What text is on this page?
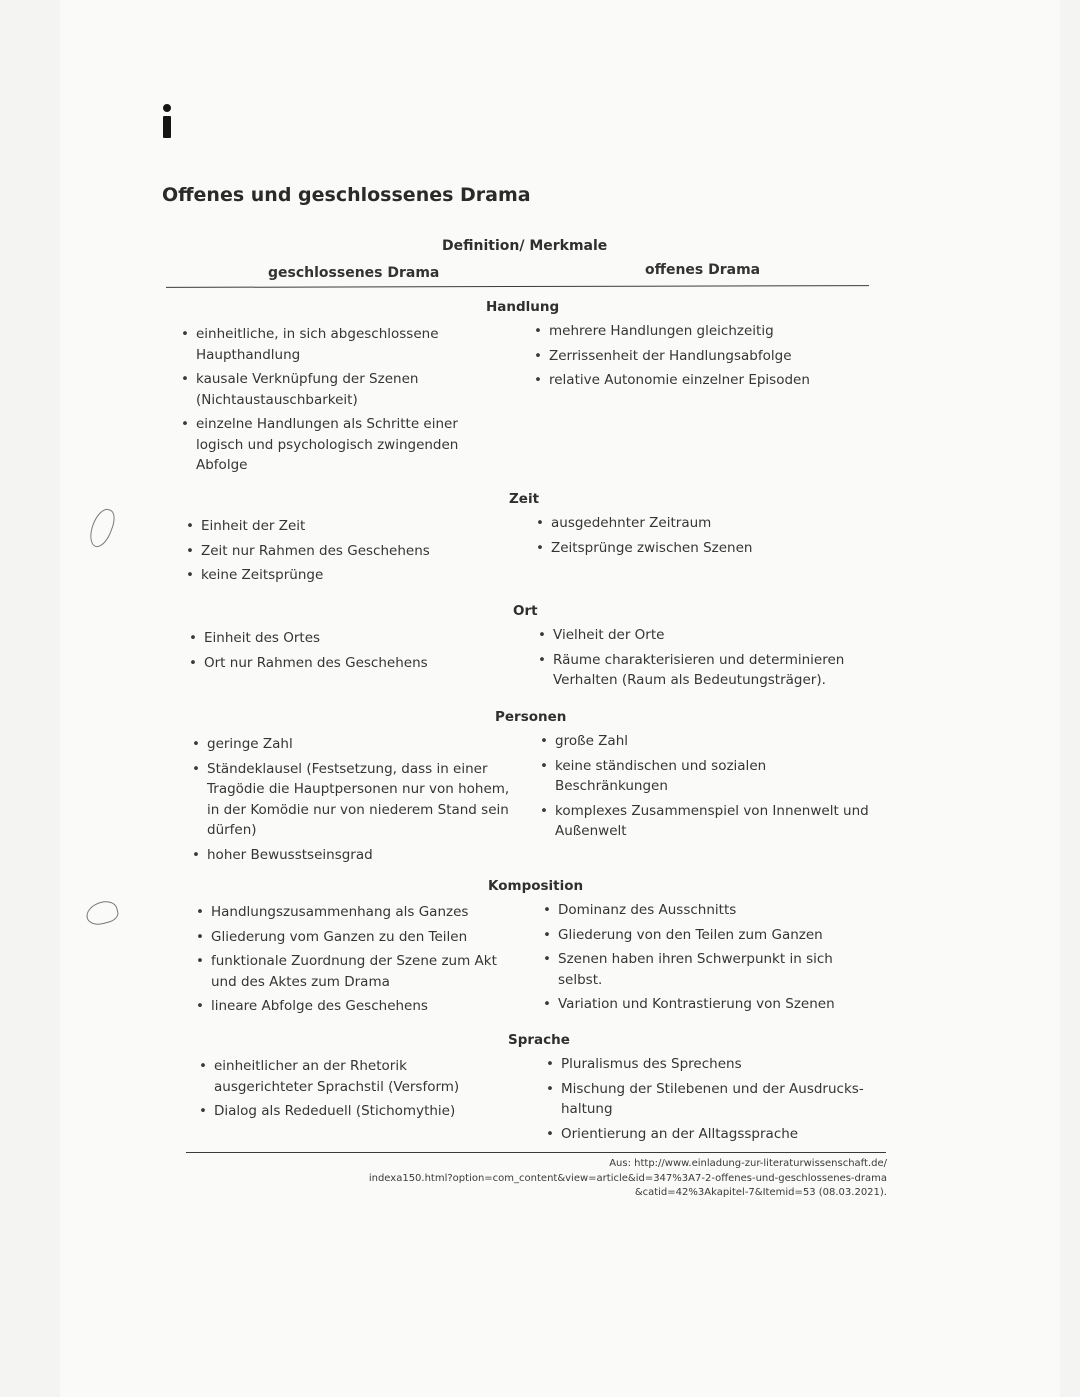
Offenes und geschlossenes Drama
Definition/ Merkmale
geschlossenes Drama	offenes Drama
Handlung
• einheitliche, in sich abgeschlossene Haupthandlung
• kausale Verknüpfung der Szenen (Nichtaustauschbarkeit)
• einzelne Handlungen als Schritte einer logisch und psychologisch zwingenden Abfolge
• mehrere Handlungen gleichzeitig
• Zerrissenheit der Handlungsabfolge
• relative Autonomie einzelner Episoden
Zeit
• Einheit der Zeit
• Zeit nur Rahmen des Geschehens
• keine Zeitsprünge
• ausgedehnter Zeitraum
• Zeitsprünge zwischen Szenen
Ort
• Einheit des Ortes
• Ort nur Rahmen des Geschehens
• Vielheit der Orte
• Räume charakterisieren und determinieren Verhalten (Raum als Bedeutungsträger).
Personen
• geringe Zahl
• Ständeklausel (Festsetzung, dass in einer Tragödie die Hauptpersonen nur von hohem, in der Komödie nur von niederem Stand sein dürfen)
• hoher Bewusstseinsgrad
• große Zahl
• keine ständischen und sozialen Beschränkungen
• komplexes Zusammenspiel von Innenwelt und Außenwelt
Komposition
• Handlungszusammenhang als Ganzes
• Gliederung vom Ganzen zu den Teilen
• funktionale Zuordnung der Szene zum Akt und des Aktes zum Drama
• lineare Abfolge des Geschehens
• Dominanz des Ausschnitts
• Gliederung von den Teilen zum Ganzen
• Szenen haben ihren Schwerpunkt in sich selbst.
• Variation und Kontrastierung von Szenen
Sprache
• einheitlicher an der Rhetorik ausgerichteter Sprachstil (Versform)
• Dialog als Rededuell (Stichomythie)
• Pluralismus des Sprechens
• Mischung der Stilebenen und der Ausdrucks-haltung
• Orientierung an der Alltagssprache
Aus: http://www.einladung-zur-literaturwissenschaft.de/
indexa150.html?option=com_content&view=article&id=347%3A7-2-offenes-und-geschlossenes-drama
&catid=42%3Akapitel-7&Itemid=53 (08.03.2021).
